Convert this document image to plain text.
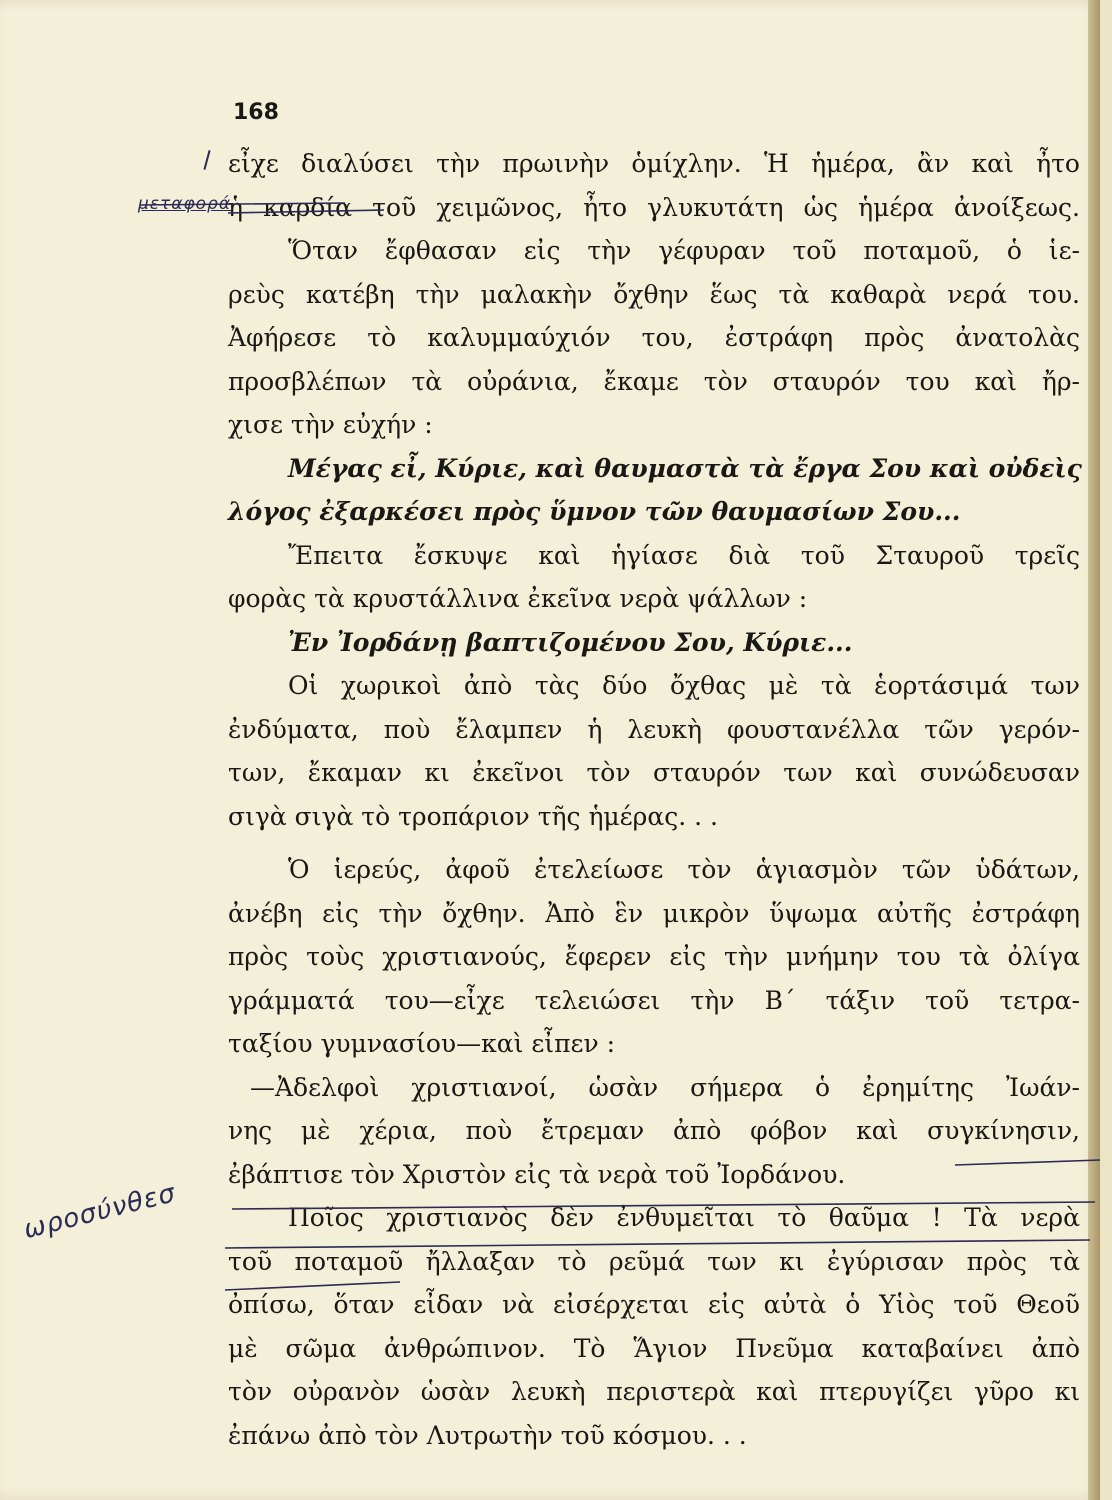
168
μεταφορά
ωροσύνθεσ
εἶχε διαλύσει τὴν πρωινὴν ὁμίχλην. Ἡ ἡμέρα, ἂν καὶ ἦτο
ἡ καρδία τοῦ χειμῶνος, ἦτο γλυκυτάτη ὡς ἡμέρα ἀνοίξεως.
Ὅταν ἔφθασαν εἰς τὴν γέφυραν τοῦ ποταμοῦ, ὁ ἱε-
ρεὺς κατέβη τὴν μαλακὴν ὄχθην ἕως τὰ καθαρὰ νερά του.
Ἀφήρεσε τὸ καλυμμαύχιόν του, ἐστράφη πρὸς ἀνατολὰς
προσβλέπων τὰ οὐράνια, ἔκαμε τὸν σταυρόν του καὶ ἤρ-
χισε τὴν εὐχήν :
Μέγας εἶ, Κύριε, καὶ θαυμαστὰ τὰ ἔργα Σου καὶ οὐδεὶς
λόγος ἐξαρκέσει πρὸς ὕμνον τῶν θαυμασίων Σου...
Ἔπειτα ἔσκυψε καὶ ἡγίασε διὰ τοῦ Σταυροῦ τρεῖς
φορὰς τὰ κρυστάλλινα ἐκεῖνα νερὰ ψάλλων :
Ἐν Ἰορδάνῃ βαπτιζομένου Σου, Κύριε...
Οἱ χωρικοὶ ἀπὸ τὰς δύο ὄχθας μὲ τὰ ἑορτάσιμά των
ἐνδύματα, ποὺ ἔλαμπεν ἡ λευκὴ φουστανέλλα τῶν γερόν-
των, ἔκαμαν κι ἐκεῖνοι τὸν σταυρόν των καὶ συνώδευσαν
σιγὰ σιγὰ τὸ τροπάριον τῆς ἡμέρας. . .
Ὁ ἱερεύς, ἀφοῦ ἐτελείωσε τὸν ἁγιασμὸν τῶν ὑδάτων,
ἀνέβη εἰς τὴν ὄχθην. Ἀπὸ ἓν μικρὸν ὕψωμα αὐτῆς ἐστράφη
πρὸς τοὺς χριστιανούς, ἔφερεν εἰς τὴν μνήμην του τὰ ὀλίγα
γράμματά του—εἶχε τελειώσει τὴν Β΄ τάξιν τοῦ τετρα-
ταξίου γυμνασίου—καὶ εἶπεν :
—Ἀδελφοὶ χριστιανοί, ὡσὰν σήμερα ὁ ἐρημίτης Ἰωάν-
νης μὲ χέρια, ποὺ ἔτρεμαν ἀπὸ φόβον καὶ συγκίνησιν,
ἐβάπτισε τὸν Χριστὸν εἰς τὰ νερὰ τοῦ Ἰορδάνου.
Ποῖος χριστιανὸς δὲν ἐνθυμεῖται τὸ θαῦμα ! Τὰ νερὰ
τοῦ ποταμοῦ ἤλλαξαν τὸ ρεῦμά των κι ἐγύρισαν πρὸς τὰ
ὀπίσω, ὅταν εἶδαν νὰ εἰσέρχεται εἰς αὐτὰ ὁ Υἱὸς τοῦ Θεοῦ
μὲ σῶμα ἀνθρώπινον. Τὸ Ἅγιον Πνεῦμα καταβαίνει ἀπὸ
τὸν οὐρανὸν ὡσὰν λευκὴ περιστερὰ καὶ πτερυγίζει γῦρο κι
ἐπάνω ἀπὸ τὸν Λυτρωτὴν τοῦ κόσμου. . .
